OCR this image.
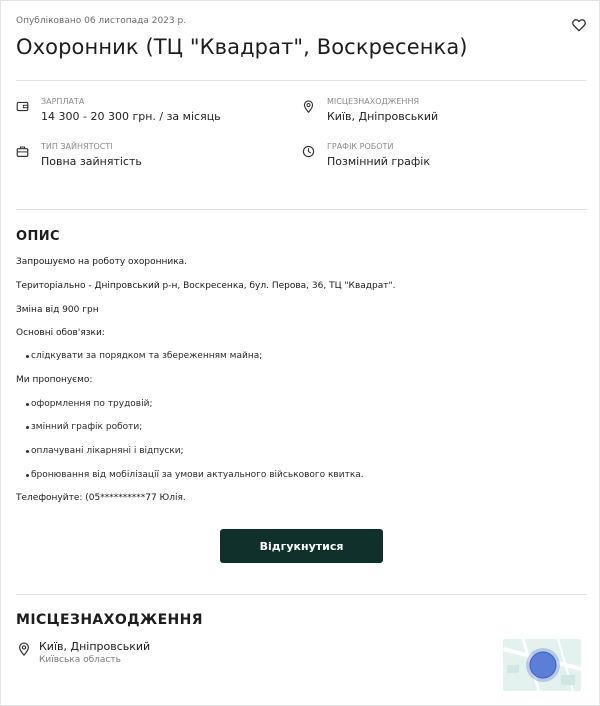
Опубліковано 06 листопада 2023 р.
Охоронник (ТЦ "Квадрат", Воскресенка)
ЗАРПЛАТА
14 300 - 20 300 грн. / за місяць
МІСЦЕЗНАХОДЖЕННЯ
Київ, Дніпровський
ТИП ЗАЙНЯТОСТІ
Повна зайнятість
ГРАФІК РОБОТИ
Позмінний графік
ОПИС
Запрошуємо на роботу охоронника.
Територіально - Дніпровський р-н, Воскресенка, бул. Перова, 36, ТЦ "Квадрат".
Зміна від 900 грн
Основні обов'язки:
слідкувати за порядком та збереженням майна;
Ми пропонуємо:
оформлення по трудовій;
змінний графік роботи;
оплачувані лікарняні і відпуски;
бронювання від мобілізації за умови актуального військового квитка.
Телефонуйте: (05**********77 Юлія.
Відгукнутися
МІСЦЕЗНАХОДЖЕННЯ
Київ, Дніпровський
Київська область
